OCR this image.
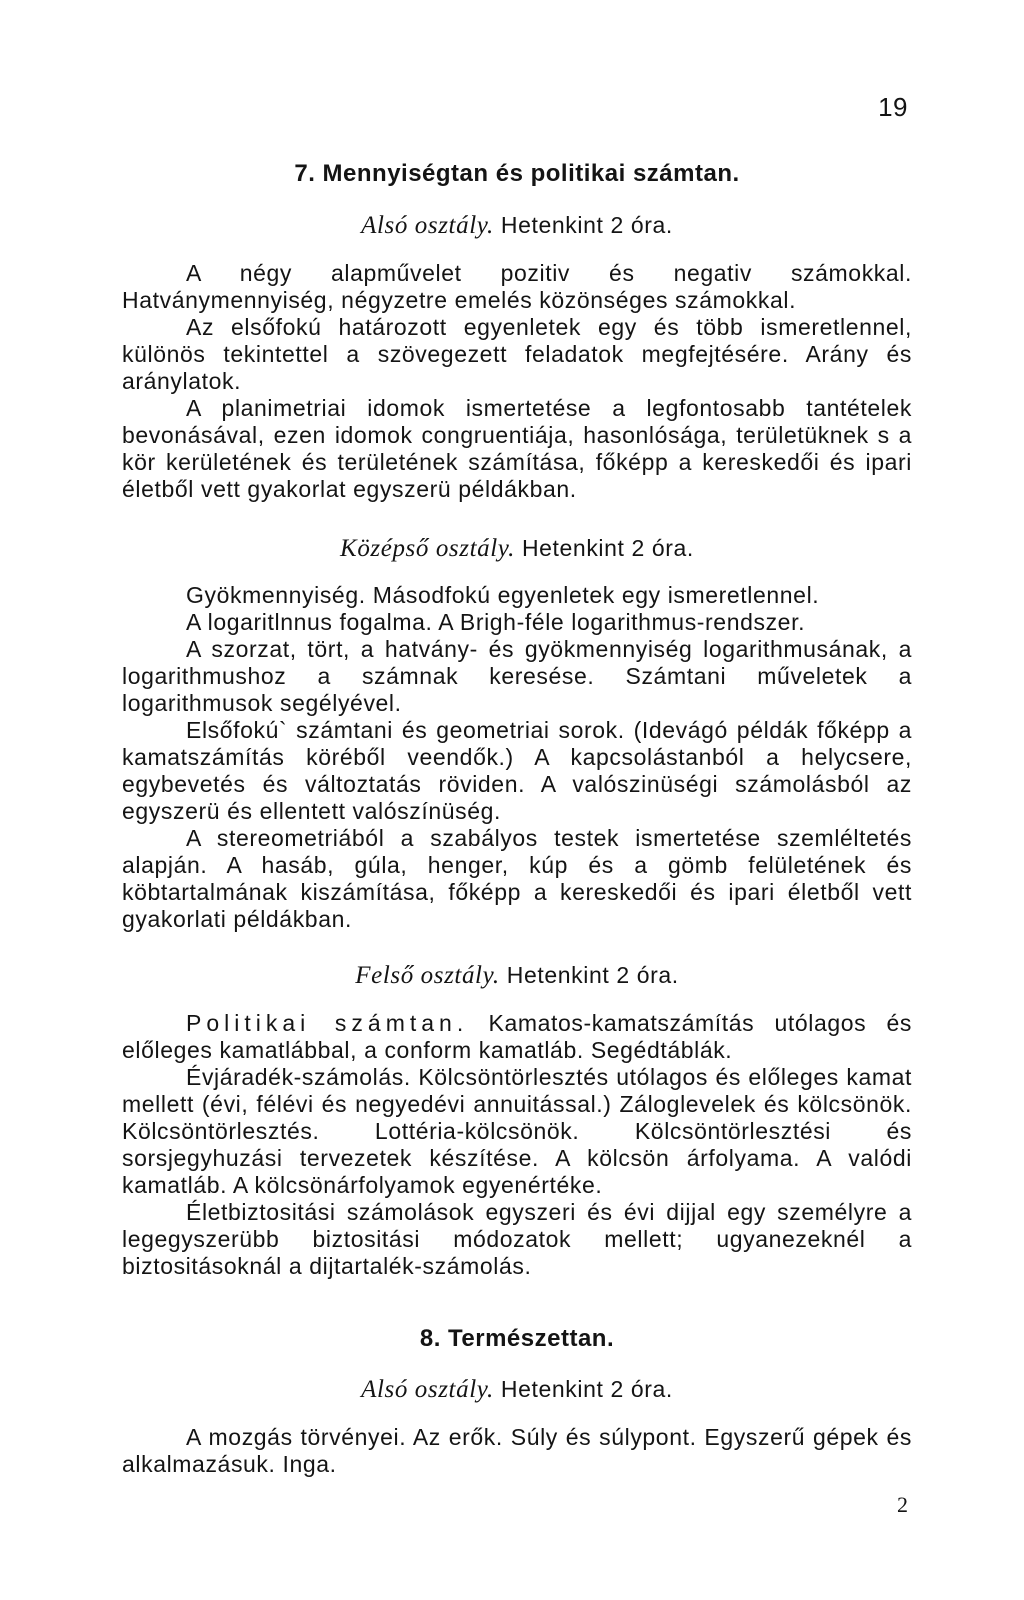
19
7. Mennyiségtan és politikai számtan.
Alsó osztály. Hetenkint 2 óra.

A négy alapművelet pozitiv és negativ számokkal. Hatványmennyiség, négyzetre emelés közönséges számokkal.

Az elsőfokú határozott egyenletek egy és több ismeretlennel, különös tekintettel a szövegezett feladatok megfejtésére. Arány és aránylatok.

A planimetriai idomok ismertetése a legfontosabb tantételek bevonásával, ezen idomok congruentiája, hasonlósága, területüknek s a kör kerületének és területének számítása, főképp a kereskedői és ipari életből vett gyakorlat egyszerü példákban.

Középső osztály. Hetenkint 2 óra.

Gyökmennyiség. Másodfokú egyenletek egy ismeretlennel.

A logaritlnnus fogalma. A Brigh-féle logarithmus-rendszer.

A szorzat, tört, a hatvány- és gyökmennyiség logarithmusának, a logarithmushoz a számnak keresése. Számtani műveletek a logarithmusok segélyével.

Elsőfokú` számtani és geometriai sorok. (Idevágó példák főképp a kamatszámítás köréből veendők.) A kapcsolástanból a helycsere, egybevetés és változtatás röviden. A valószinüségi számolásból az egyszerü és ellentett valószínüség.

A stereometriából a szabályos testek ismertetése szemléltetés alapján. A hasáb, gúla, henger, kúp és a gömb felületének és köbtartalmának kiszámítása, főképp a kereskedői és ipari életből vett gyakorlati példákban.

Felső osztály. Hetenkint 2 óra.

Politikai számtan. Kamatos-kamatszámítás utólagos és előleges kamatlábbal, a conform kamatláb. Segédtáblák.

Évjáradék-számolás. Kölcsöntörlesztés utólagos és előleges kamat mellett (évi, félévi és negyedévi annuitással.) Záloglevelek és kölcsönök. Kölcsöntörlesztés. Lottéria-kölcsönök. Kölcsöntörlesztési és sorsjegyhuzási tervezetek készítése. A kölcsön árfolyama. A valódi kamatláb. A kölcsönárfolyamok egyenértéke.

Életbiztositási számolások egyszeri és évi dijjal egy személyre a legegyszerübb biztositási módozatok mellett; ugyanezeknél a biztositásoknál a dijtartalék-számolás.

8. Természettan.
Alsó osztály. Hetenkint 2 óra.

A mozgás törvényei. Az erők. Súly és súlypont. Egyszerű gépek és alkalmazásuk. Inga.

2
